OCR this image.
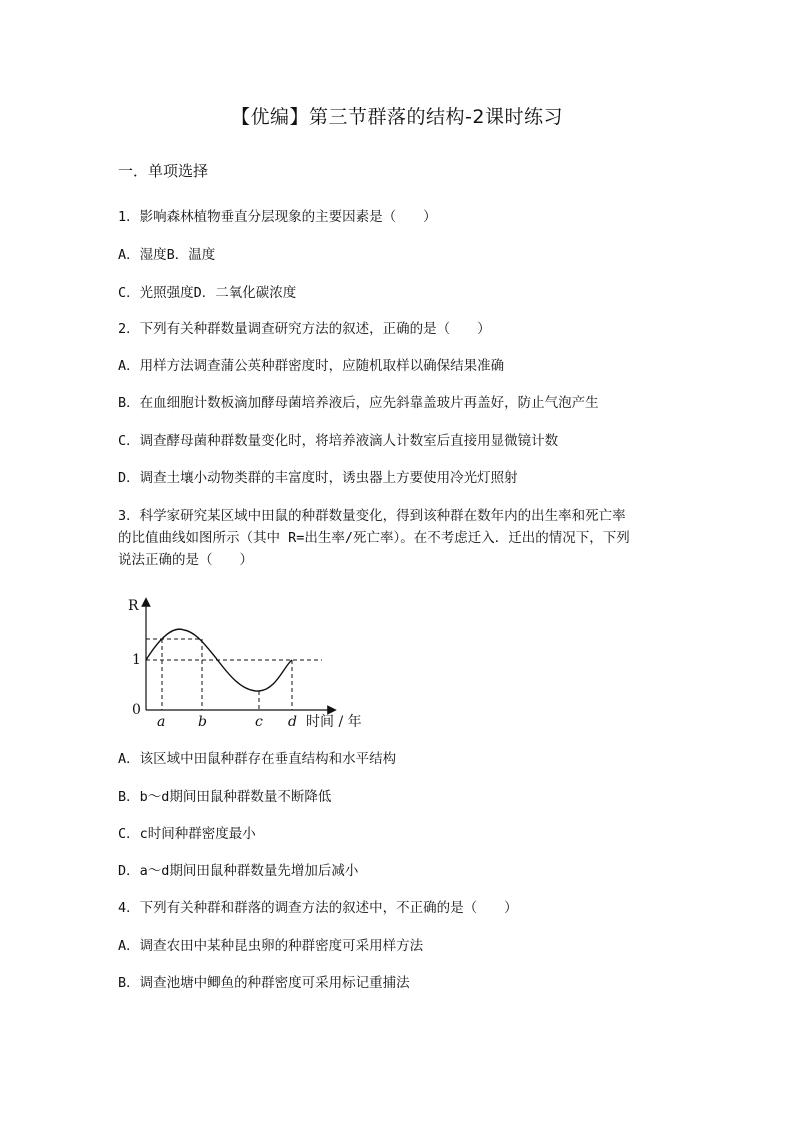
【优编】第三节群落的结构-2课时练习
一．单项选择
1．影响森林植物垂直分层现象的主要因素是（　　）
A．湿度B．温度
C．光照强度D．二氧化碳浓度
2．下列有关种群数量调查研究方法的叙述，正确的是（　　）
A．用样方法调查蒲公英种群密度时，应随机取样以确保结果准确
B．在血细胞计数板滴加酵母菌培养液后，应先斜靠盖玻片再盖好，防止气泡产生
C．调查酵母菌种群数量变化时，将培养液滴人计数室后直接用显微镜计数
D．调查土壤小动物类群的丰富度时，诱虫器上方要使用冷光灯照射
3．科学家研究某区域中田鼠的种群数量变化，得到该种群在数年内的出生率和死亡率
的比值曲线如图所示（其中 R=出生率/死亡率）。在不考虑迁入．迁出的情况下，下列
说法正确的是（　　）
R
1
0
a b	c d 时间 / 年
A．该区域中田鼠种群存在垂直结构和水平结构
B．b～d期间田鼠种群数量不断降低
C．c时间种群密度最小
D．a～d期间田鼠种群数量先增加后减小
4．下列有关种群和群落的调查方法的叙述中，不正确的是（　　）
A．调查农田中某种昆虫卵的种群密度可采用样方法
B．调查池塘中鲫鱼的种群密度可采用标记重捕法
